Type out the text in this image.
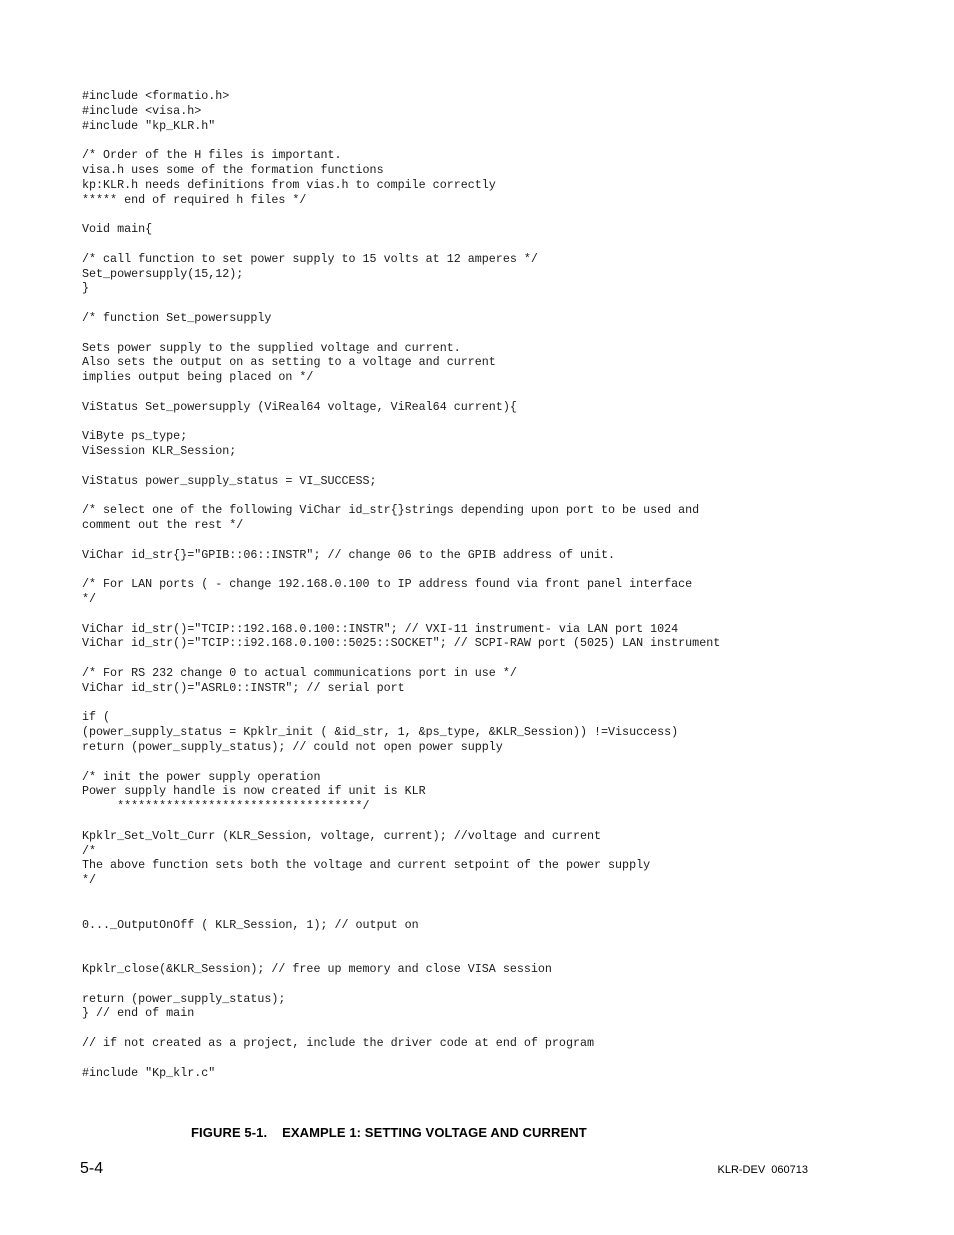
#include <formatio.h>
#include <visa.h>
#include "kp_KLR.h"
/* Order of the H files is important.
visa.h uses some of the formation functions
kp:KLR.h needs definitions from vias.h to compile correctly
***** end of required h files */
Void main{
/* call function to set power supply to 15 volts at 12 amperes */
Set_powersupply(15,12);
}
/* function Set_powersupply
Sets power supply to the supplied voltage and current.
Also sets the output on as setting to a voltage and current
implies output being placed on */
ViStatus Set_powersupply (ViReal64 voltage, ViReal64 current){
ViByte ps_type;
ViSession KLR_Session;
ViStatus power_supply_status = VI_SUCCESS;
/* select one of the following ViChar id_str{}strings depending upon port to be used and
comment out the rest */
ViChar id_str{}="GPIB::06::INSTR"; // change 06 to the GPIB address of unit.
/* For LAN ports ( - change 192.168.0.100 to IP address found via front panel interface
*/
ViChar id_str()="TCIP::192.168.0.100::INSTR"; // VXI-11 instrument- via LAN port 1024
ViChar id_str()="TCIP::i92.168.0.100::5025::SOCKET"; // SCPI-RAW port (5025) LAN instrument
/* For RS 232 change 0 to actual communications port in use */
ViChar id_str()="ASRL0::INSTR"; // serial port
if (
(power_supply_status = Kpklr_init ( &id_str, 1, &ps_type, &KLR_Session)) !=Visuccess)
return (power_supply_status); // could not open power supply
/* init the power supply operation
Power supply handle is now created if unit is KLR
***********************************/
Kpklr_Set_Volt_Curr (KLR_Session, voltage, current); //voltage and current
/*
The above function sets both the voltage and current setpoint of the power supply
*/
0..._OutputOnOff ( KLR_Session, 1); // output on
Kpklr_close(&KLR_Session); // free up memory and close VISA session
return (power_supply_status);
} // end of main
// if not created as a project, include the driver code at end of program
#include "Kp_klr.c"
FIGURE 5-1.    EXAMPLE 1: SETTING VOLTAGE AND CURRENT
5-4	KLR-DEV  060713
